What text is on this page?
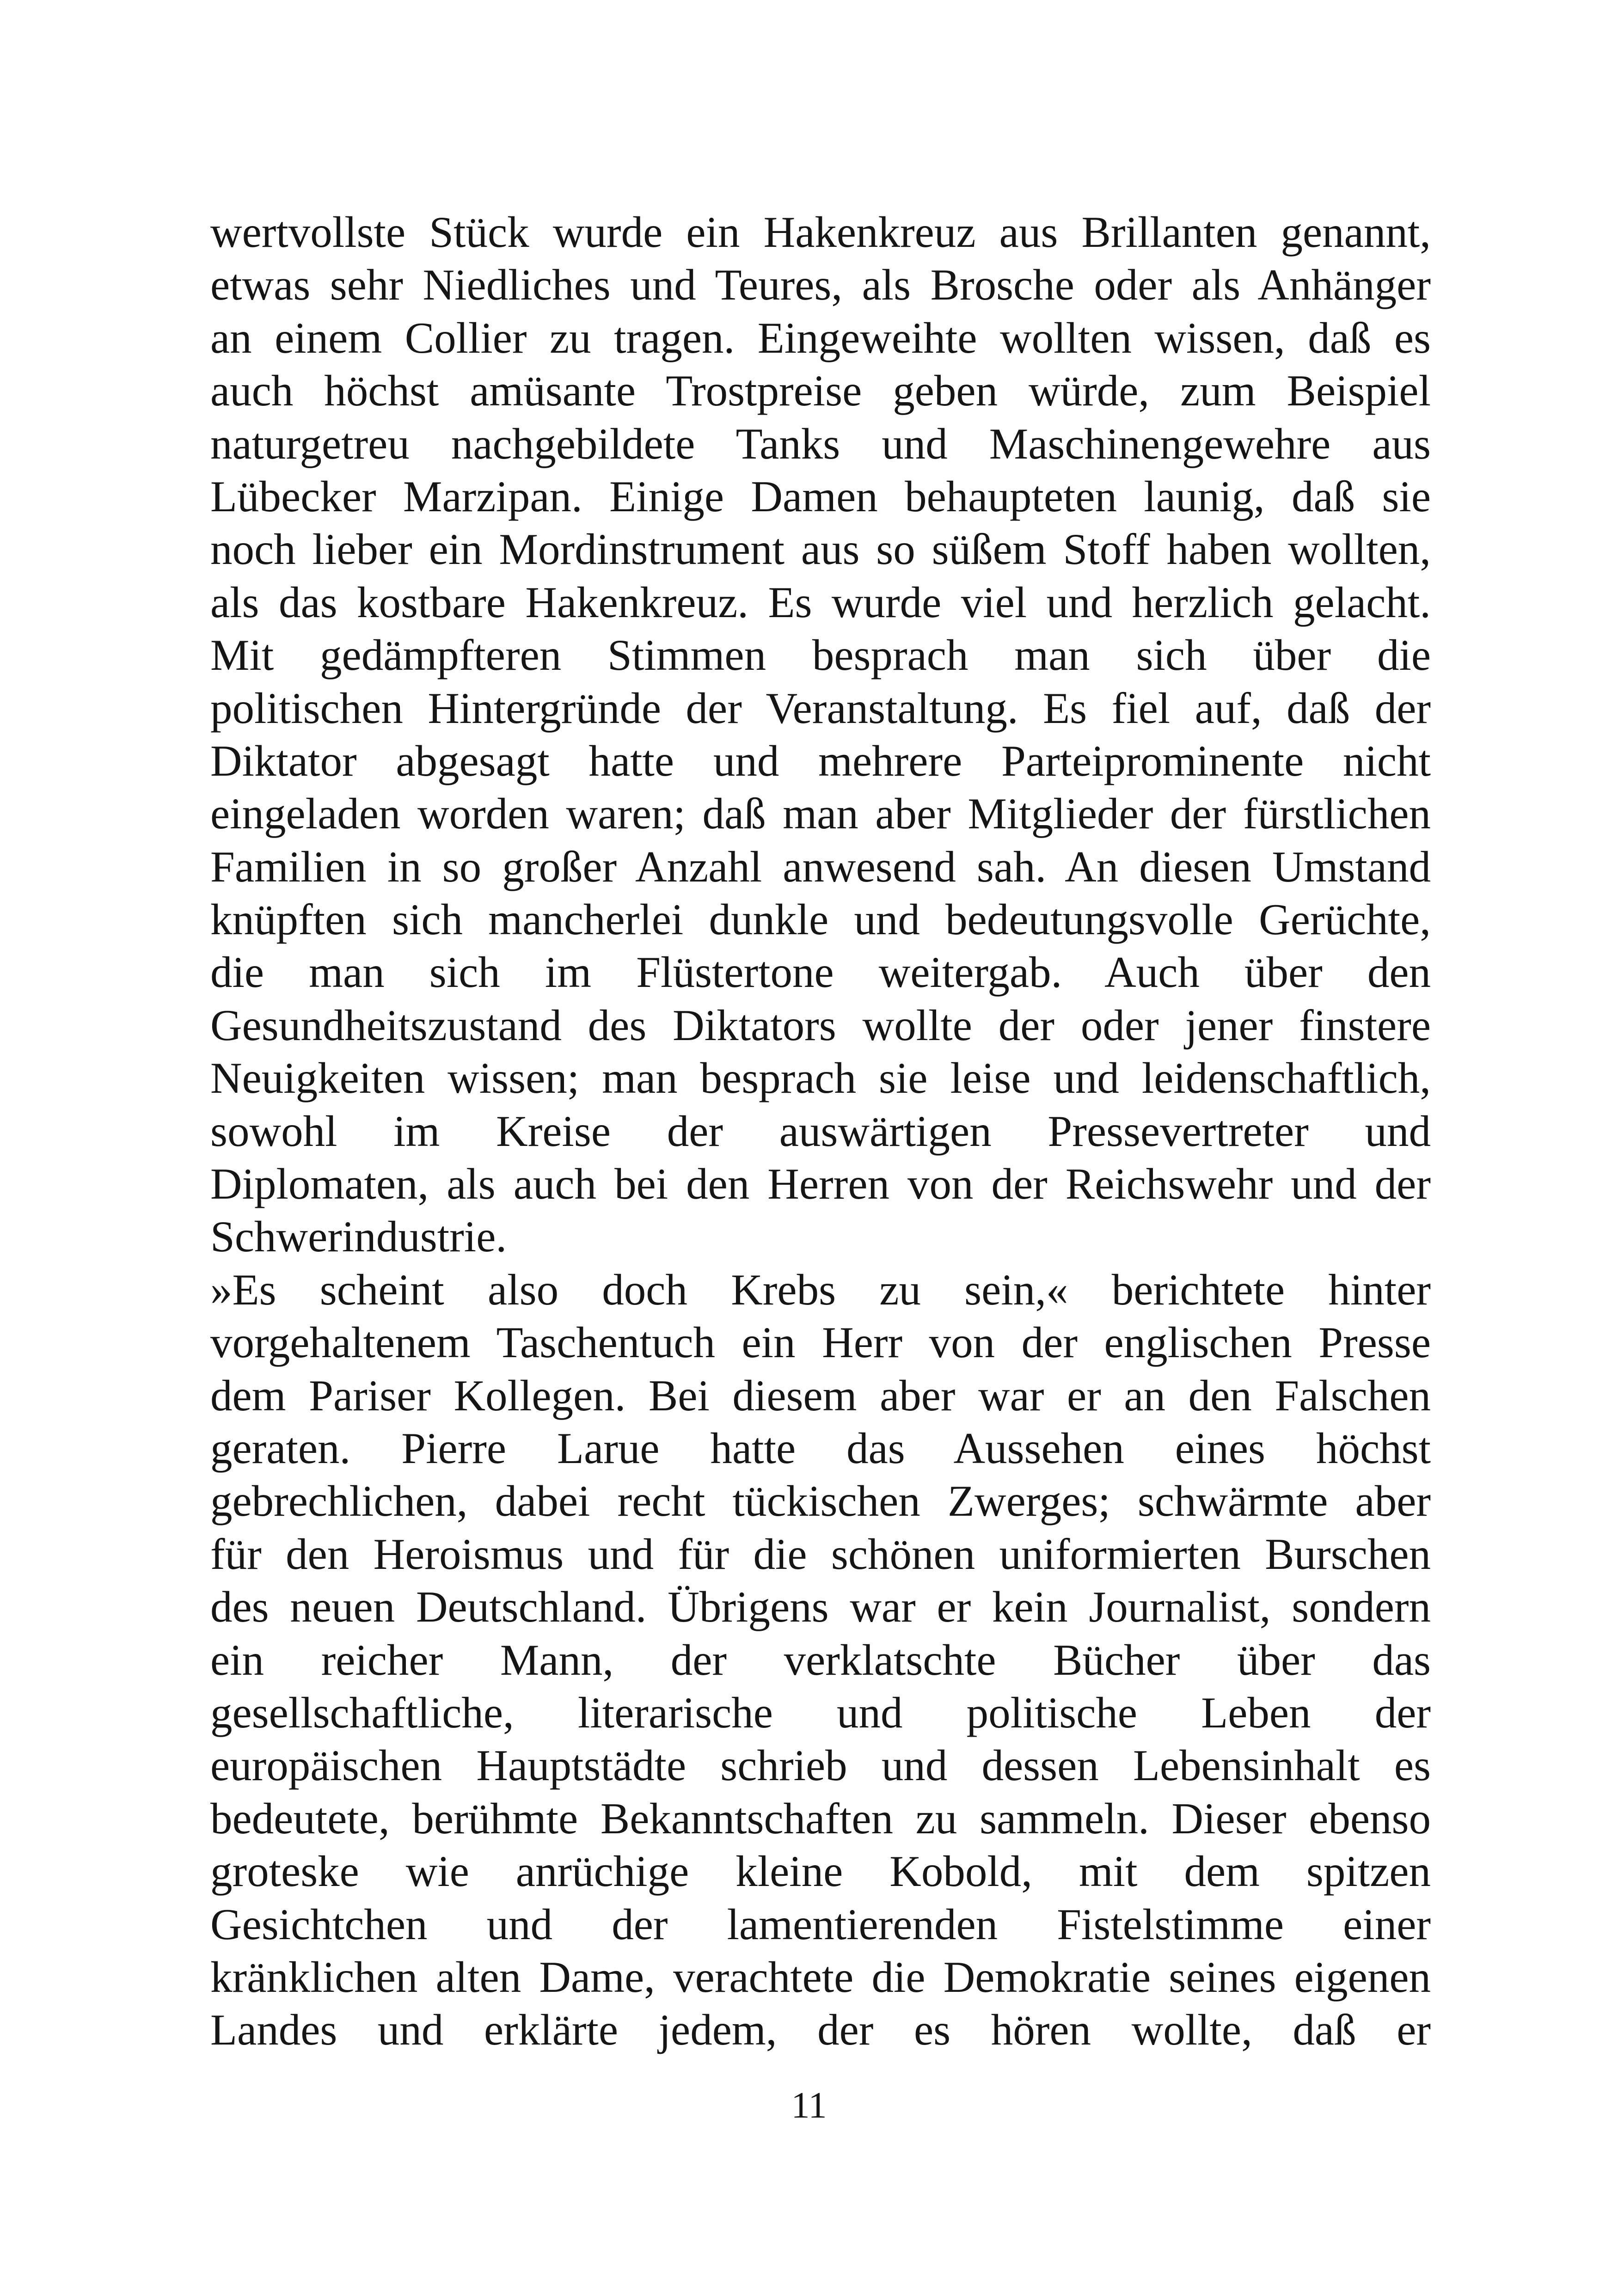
wertvollste Stück wurde ein Hakenkreuz aus Brillanten genannt,
etwas sehr Niedliches und Teures, als Brosche oder als Anhänger
an einem Collier zu tragen. Eingeweihte wollten wissen, daß es
auch höchst amüsante Trostpreise geben würde, zum Beispiel
naturgetreu nachgebildete Tanks und Maschinengewehre aus
Lübecker Marzipan. Einige Damen behaupteten launig, daß sie
noch lieber ein Mordinstrument aus so süßem Stoff haben wollten,
als das kostbare Hakenkreuz. Es wurde viel und herzlich gelacht.
Mit gedämpfteren Stimmen besprach man sich über die
politischen Hintergründe der Veranstaltung. Es fiel auf, daß der
Diktator abgesagt hatte und mehrere Parteiprominente nicht
eingeladen worden waren; daß man aber Mitglieder der fürstlichen
Familien in so großer Anzahl anwesend sah. An diesen Umstand
knüpften sich mancherlei dunkle und bedeutungsvolle Gerüchte,
die man sich im Flüstertone weitergab. Auch über den
Gesundheitszustand des Diktators wollte der oder jener finstere
Neuigkeiten wissen; man besprach sie leise und leidenschaftlich,
sowohl im Kreise der auswärtigen Pressevertreter und
Diplomaten, als auch bei den Herren von der Reichswehr und der
Schwerindustrie.

»Es scheint also doch Krebs zu sein,« berichtete hinter
vorgehaltenem Taschentuch ein Herr von der englischen Presse
dem Pariser Kollegen. Bei diesem aber war er an den Falschen
geraten. Pierre Larue hatte das Aussehen eines höchst
gebrechlichen, dabei recht tückischen Zwerges; schwärmte aber
für den Heroismus und für die schönen uniformierten Burschen
des neuen Deutschland. Übrigens war er kein Journalist, sondern
ein reicher Mann, der verklatschte Bücher über das
gesellschaftliche, literarische und politische Leben der
europäischen Hauptstädte schrieb und dessen Lebensinhalt es
bedeutete, berühmte Bekanntschaften zu sammeln. Dieser ebenso
groteske wie anrüchige kleine Kobold, mit dem spitzen
Gesichtchen und der lamentierenden Fistelstimme einer
kränklichen alten Dame, verachtete die Demokratie seines eigenen
Landes und erklärte jedem, der es hören wollte, daß er

11
